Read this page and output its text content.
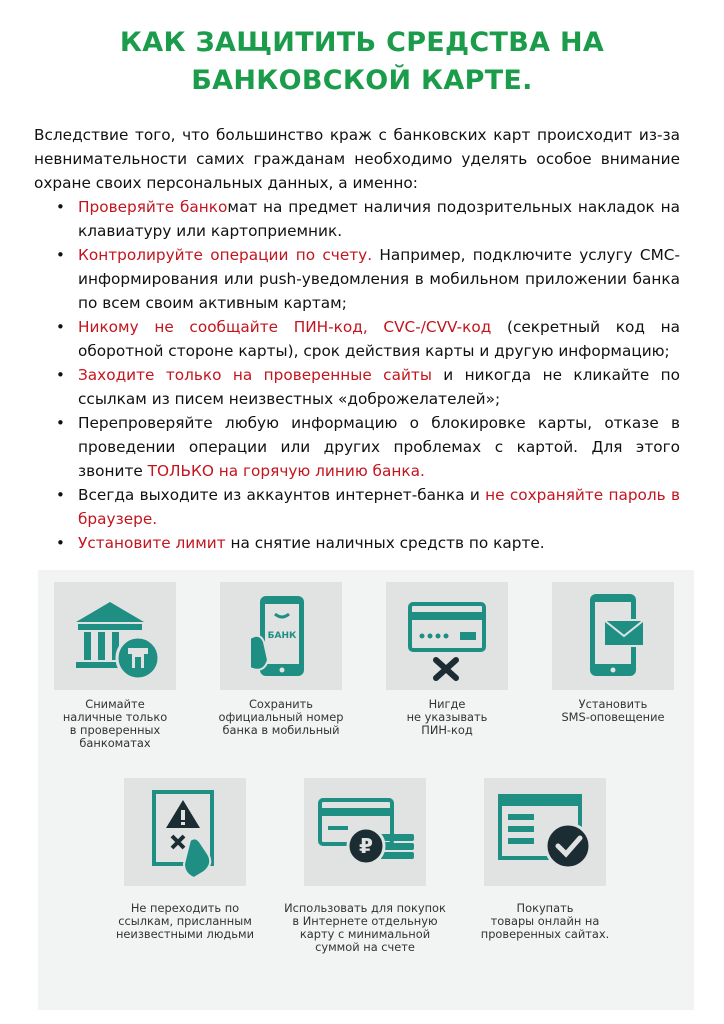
КАК ЗАЩИТИТЬ СРЕДСТВА НА БАНКОВСКОЙ КАРТЕ.
Вследствие того, что большинство краж с банковских карт происходит из-за невнимательности самих гражданам необходимо уделять особое внимание охране своих персональных данных, а именно:
• Проверяйте банкомат на предмет наличия подозрительных накладок на клавиатуру или картоприемник.
• Контролируйте операции по счету. Например, подключите услугу СМС-информирования или push-уведомления в мобильном приложении банка по всем своим активным картам;
• Никому не сообщайте ПИН-код, CVC-/CVV-код (секретный код на оборотной стороне карты), срок действия карты и другую информацию;
• Заходите только на проверенные сайты и никогда не кликайте по ссылкам из писем неизвестных «доброжелателей»;
• Перепроверяйте любую информацию о блокировке карты, отказе в проведении операции или других проблемах с картой. Для этого звоните ТОЛЬКО на горячую линию банка.
• Всегда выходите из аккаунтов интернет-банка и не сохраняйте пароль в браузере.
• Установите лимит на снятие наличных средств по карте.
Снимайте
наличные только
в проверенных
банкоматах
БАНК
Сохранить
официальный номер
банка в мобильный
Нигде
не указывать
ПИН-код
Установить
SMS-оповещение
Не переходить по
ссылкам, присланным
неизвестными людьми
₽
Использовать для покупок
в Интернете отдельную
карту с минимальной
суммой на счете
Покупать
товары онлайн на
проверенных сайтах.
